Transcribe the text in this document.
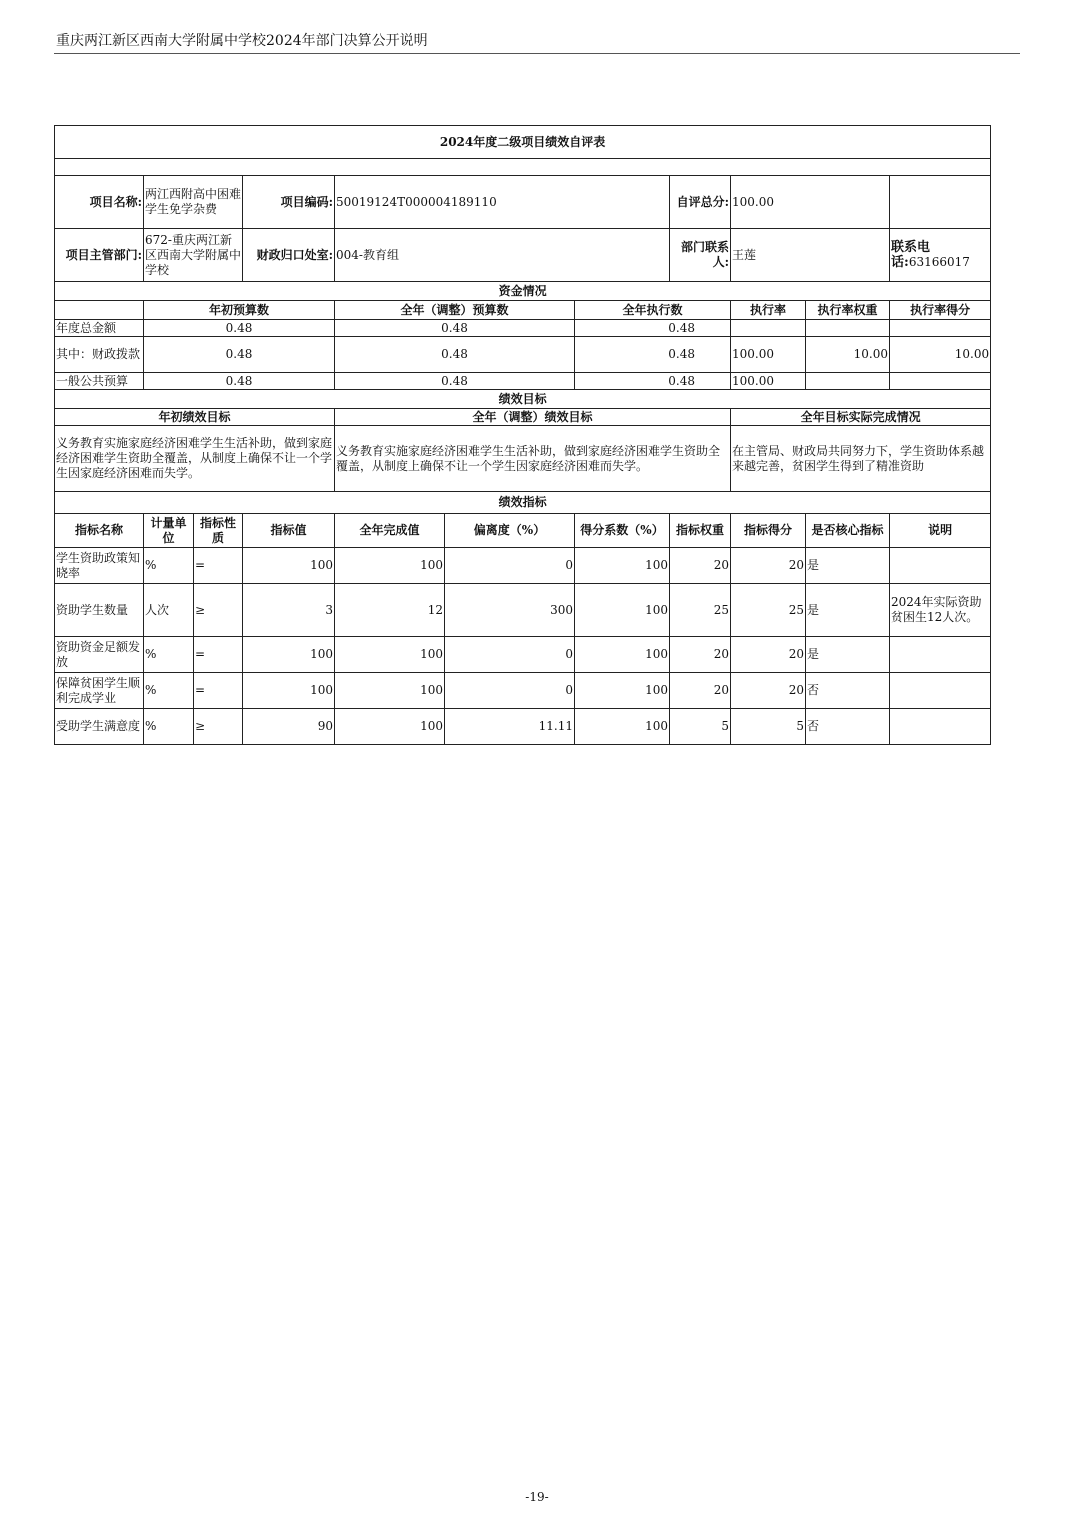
重庆两江新区西南大学附属中学校2024年部门决算公开说明
2024年度二级项目绩效自评表										

项目名称:	两江西附高中困难学生免学杂费		项目编码:	50019124T000004189110			自评总分:	100.00		
项目主管部门:	672-重庆两江新区西南大学附属中学校		财政归口处室:	004-教育组			部门联系人:	王莲		联系电话:63166017
资金情况										
	年初预算数			全年（调整）预算数		全年执行数		执行率	执行率权重	执行率得分
年度总金额	0.48			0.48		0.48				
其中：财政拨款	0.48			0.48		0.48		100.00	10.00	10.00
一般公共预算	0.48			0.48		0.48		100.00		
绩效目标										
年初绩效目标				全年（调整）绩效目标				全年目标实际完成情况		
义务教育实施家庭经济困难学生生活补助，做到家庭经济困难学生资助全覆盖，从制度上确保不让一个学生因家庭经济困难而失学。				义务教育实施家庭经济困难学生生活补助，做到家庭经济困难学生资助全覆盖，从制度上确保不让一个学生因家庭经济困难而失学。				在主管局、财政局共同努力下，学生资助体系越来越完善，贫困学生得到了精准资助		
绩效指标										
指标名称	计量单位	指标性质	指标值	全年完成值	偏离度（%）	得分系数（%）	指标权重	指标得分	是否核心指标	说明
学生资助政策知晓率	%	=	100	100	0	100	20	20	是	
资助学生数量	人次	≥	3	12	300	100	25	25	是	2024年实际资助贫困生12人次。
资助资金足额发放	%	=	100	100	0	100	20	20	是	
保障贫困学生顺利完成学业	%	=	100	100	0	100	20	20	否	
受助学生满意度	%	≥	90	100	11.11	100	5	5	否	
-19-
